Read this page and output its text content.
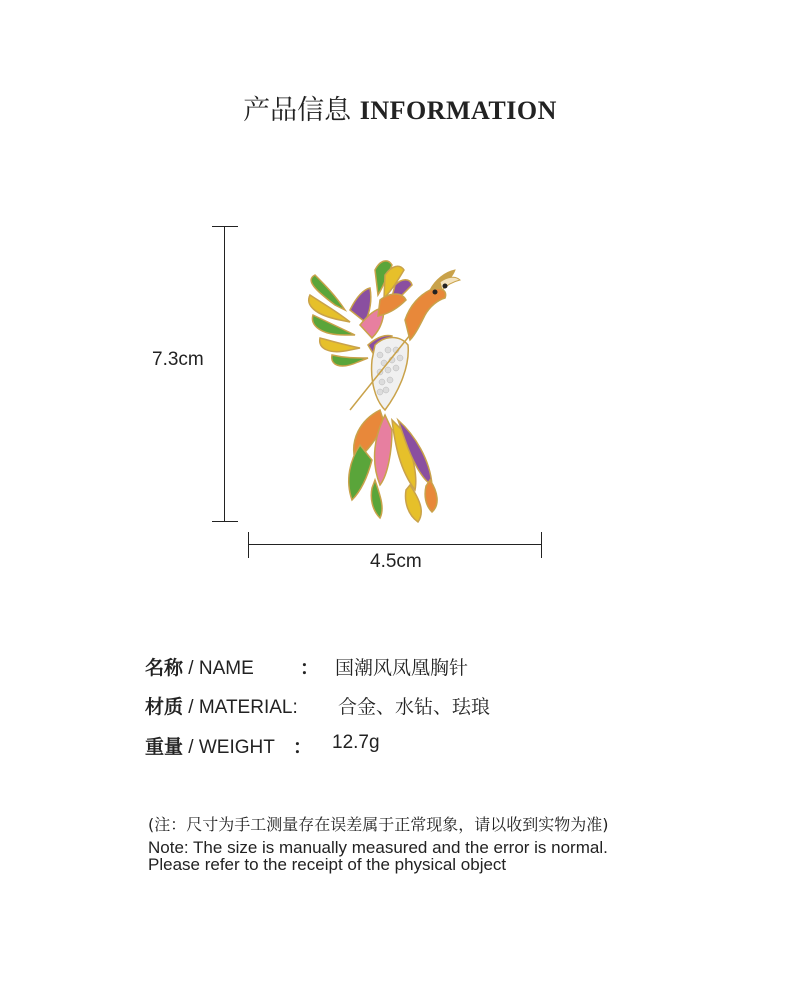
产品信息 INFORMATION
7.3cm
4.5cm
名称 / NAME ： 国潮风凤凰胸针
材质 / MATERIAL: 合金、水钻、珐琅
重量 / WEIGHT ： 12.7g
(注：尺寸为手工测量存在误差属于正常现象，请以收到实物为准)
Note: The size is manually measured and the error is normal.
Please refer to the receipt of the physical object
